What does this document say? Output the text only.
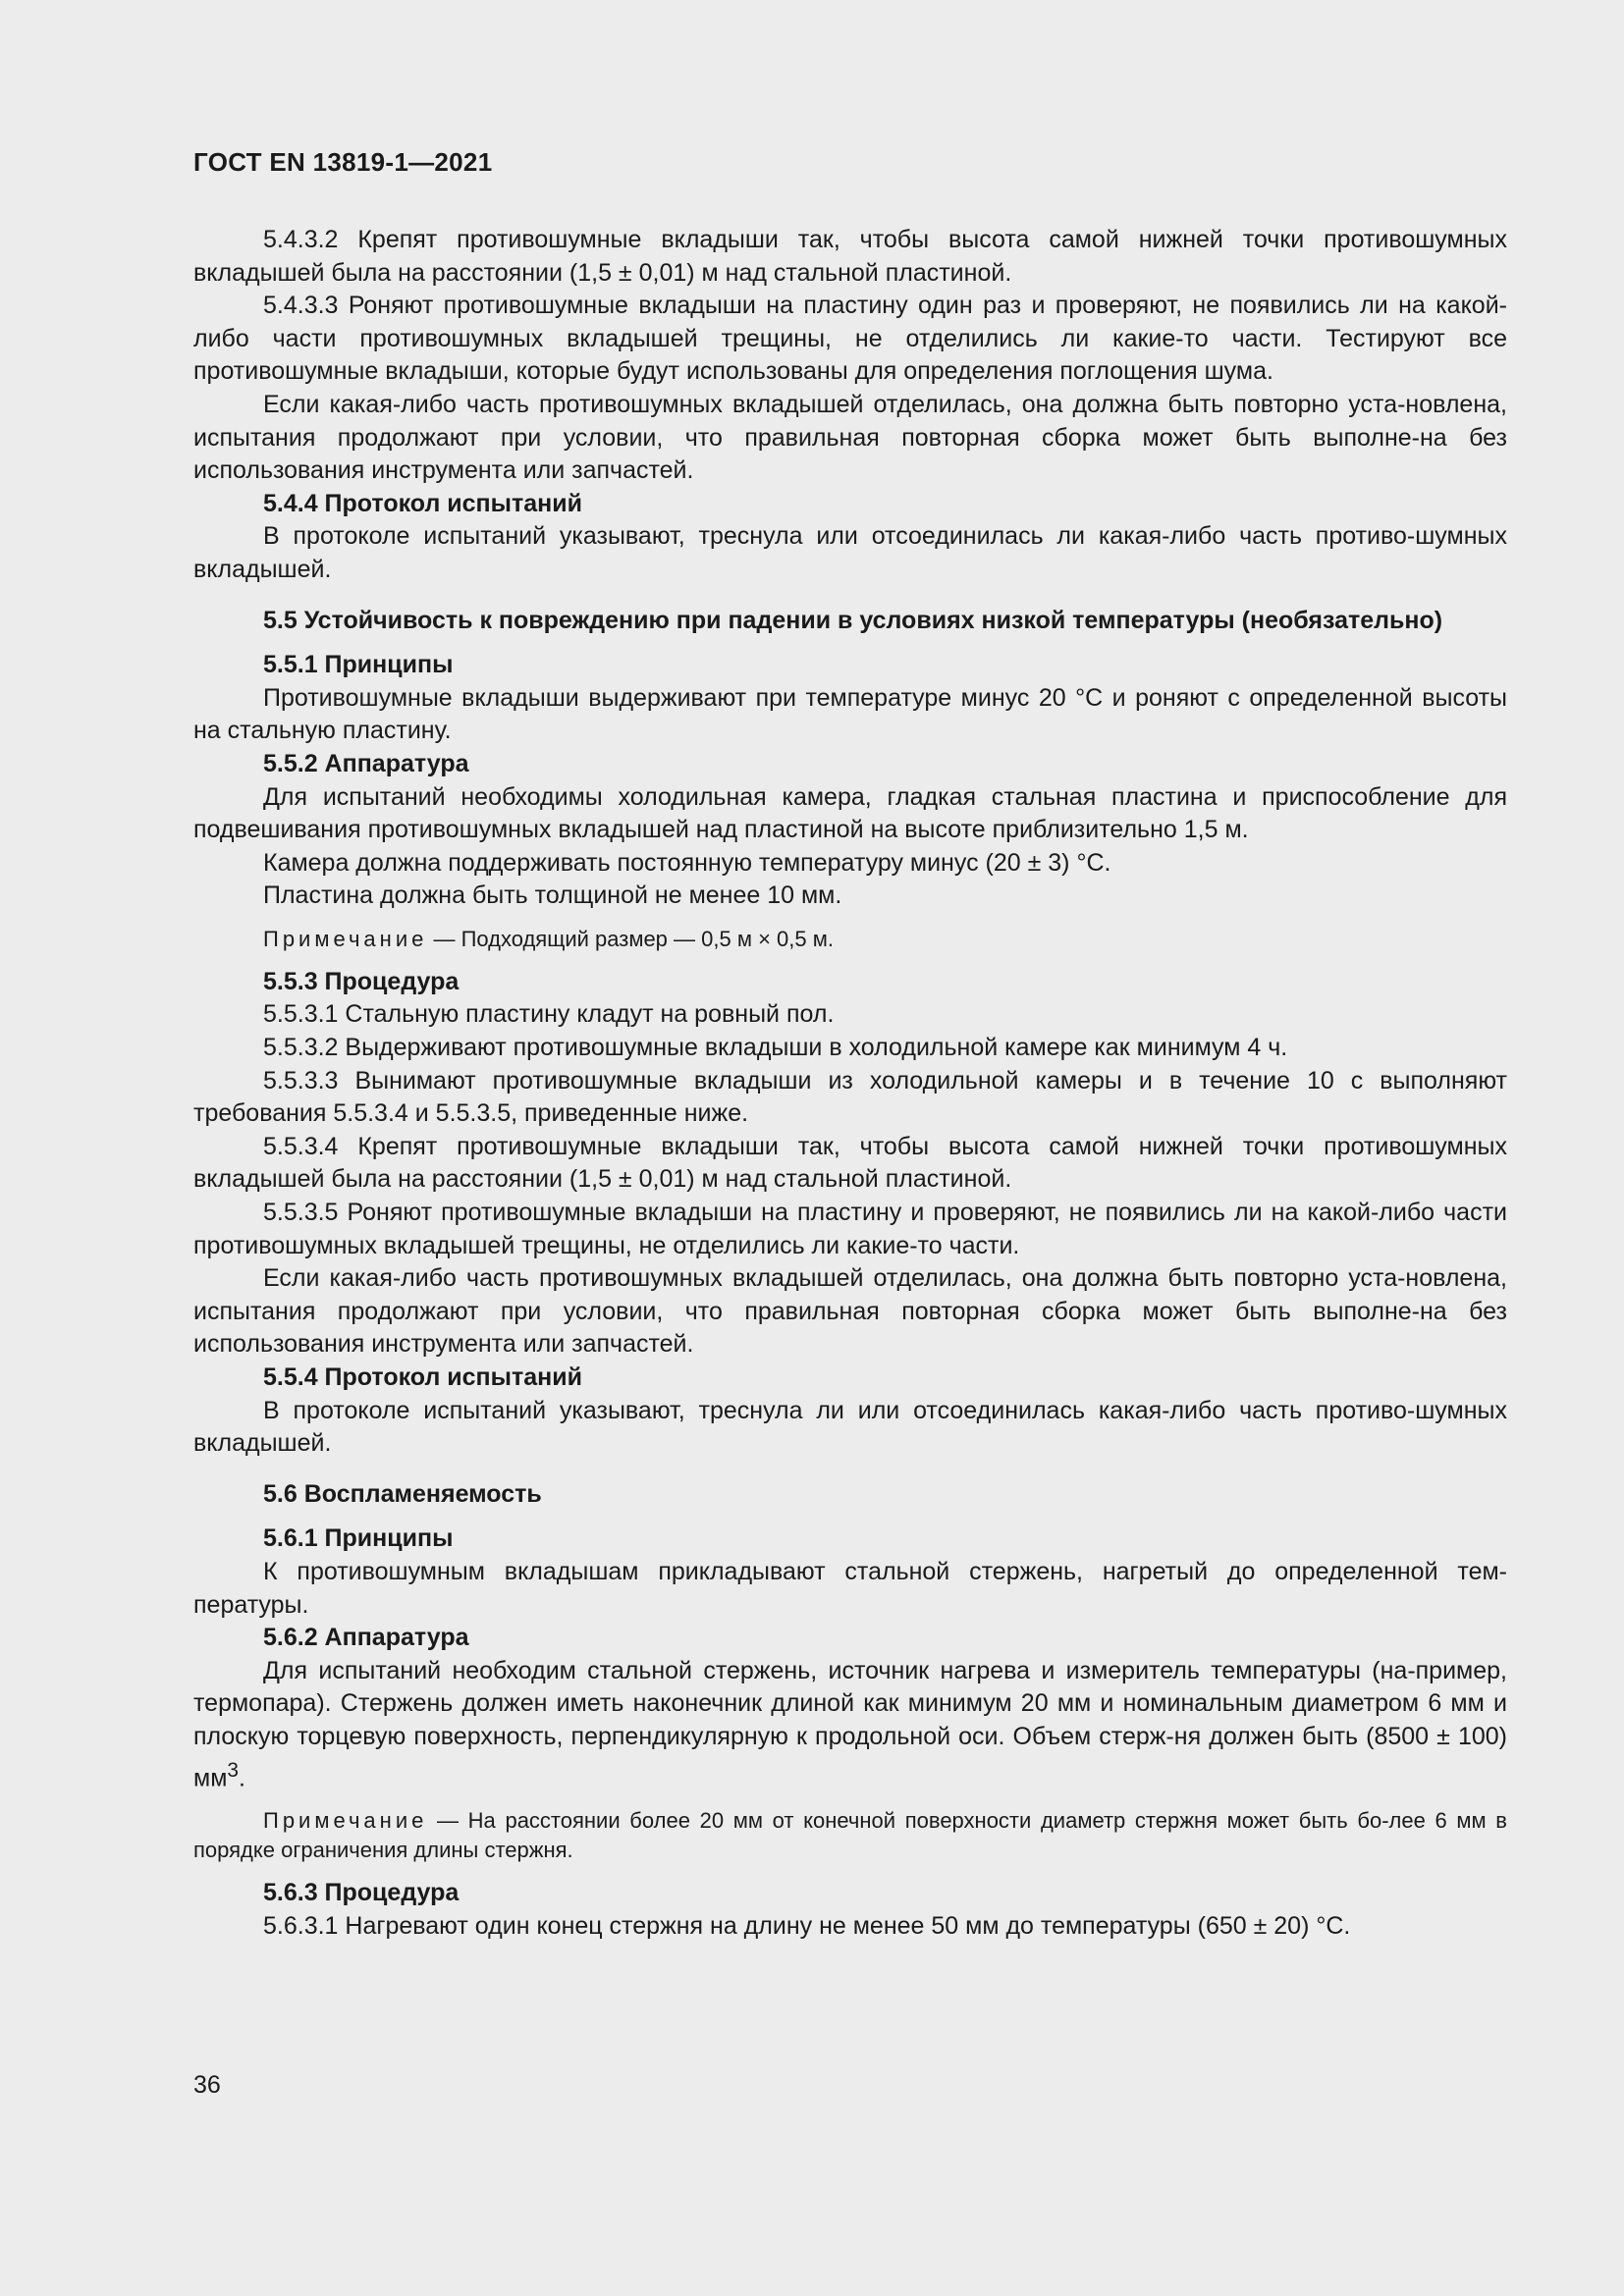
ГОСТ EN 13819-1—2021

5.4.3.2 Крепят противошумные вкладыши так, чтобы высота самой нижней точки противошумных вкладышей была на расстоянии (1,5 ± 0,01) м над стальной пластиной.

5.4.3.3 Роняют противошумные вкладыши на пластину один раз и проверяют, не появились ли на какой-либо части противошумных вкладышей трещины, не отделились ли какие-то части. Тестируют все противошумные вкладыши, которые будут использованы для определения поглощения шума.

Если какая-либо часть противошумных вкладышей отделилась, она должна быть повторно уста-новлена, испытания продолжают при условии, что правильная повторная сборка может быть выполне-на без использования инструмента или запчастей.

5.4.4 Протокол испытаний

В протоколе испытаний указывают, треснула или отсоединилась ли какая-либо часть противо-шумных вкладышей.

5.5 Устойчивость к повреждению при падении в условиях низкой температуры (необязательно)

5.5.1 Принципы

Противошумные вкладыши выдерживают при температуре минус 20 °С и роняют с определенной высоты на стальную пластину.

5.5.2 Аппаратура

Для испытаний необходимы холодильная камера, гладкая стальная пластина и приспособление для подвешивания противошумных вкладышей над пластиной на высоте приблизительно 1,5 м.

Камера должна поддерживать постоянную температуру минус (20 ± 3) °С.

Пластина должна быть толщиной не менее 10 мм.

Примечание — Подходящий размер — 0,5 м × 0,5 м.

5.5.3 Процедура

5.5.3.1 Стальную пластину кладут на ровный пол.

5.5.3.2 Выдерживают противошумные вкладыши в холодильной камере как минимум 4 ч.

5.5.3.3 Вынимают противошумные вкладыши из холодильной камеры и в течение 10 с выполняют требования 5.5.3.4 и 5.5.3.5, приведенные ниже.

5.5.3.4 Крепят противошумные вкладыши так, чтобы высота самой нижней точки противошумных вкладышей была на расстоянии (1,5 ± 0,01) м над стальной пластиной.

5.5.3.5 Роняют противошумные вкладыши на пластину и проверяют, не появились ли на какой-либо части противошумных вкладышей трещины, не отделились ли какие-то части.

Если какая-либо часть противошумных вкладышей отделилась, она должна быть повторно уста-новлена, испытания продолжают при условии, что правильная повторная сборка может быть выполне-на без использования инструмента или запчастей.

5.5.4 Протокол испытаний

В протоколе испытаний указывают, треснула ли или отсоединилась какая-либо часть противо-шумных вкладышей.

5.6 Воспламеняемость

5.6.1 Принципы

К противошумным вкладышам прикладывают стальной стержень, нагретый до определенной тем-пературы.

5.6.2 Аппаратура

Для испытаний необходим стальной стержень, источник нагрева и измеритель температуры (на-пример, термопара). Стержень должен иметь наконечник длиной как минимум 20 мм и номинальным диаметром 6 мм и плоскую торцевую поверхность, перпендикулярную к продольной оси. Объем стерж-ня должен быть (8500 ± 100) $мм^3$.

Примечание — На расстоянии более 20 мм от конечной поверхности диаметр стержня может быть бо-лее 6 мм в порядке ограничения длины стержня.

5.6.3 Процедура

5.6.3.1 Нагревают один конец стержня на длину не менее 50 мм до температуры (650 ± 20) °С.

36
